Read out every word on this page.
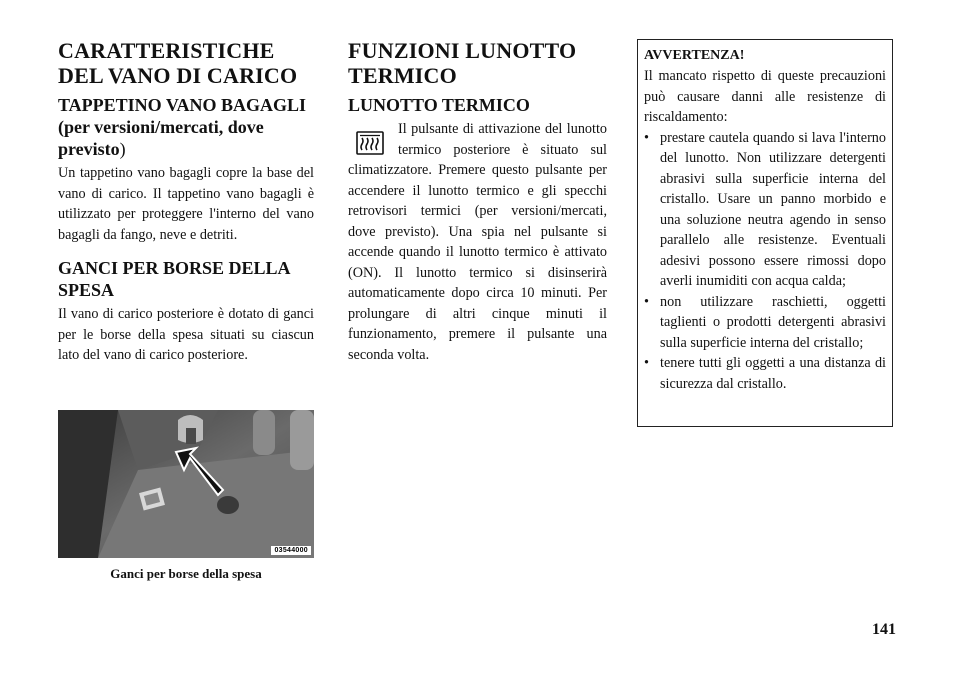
CARATTERISTICHE DEL VANO DI CARICO
TAPPETINO VANO BAGAGLI (per versioni/mercati, dove previsto)

Un tappetino vano bagagli copre la base del vano di carico. Il tappetino vano bagagli è utilizzato per proteggere l'interno del vano bagagli da fango, neve e detriti.

GANCI PER BORSE DELLA SPESA

Il vano di carico posteriore è dotato di ganci per le borse della spesa situati su ciascun lato del vano di carico posteriore.

03544000
Ganci per borse della spesa
FUNZIONI LUNOTTO TERMICO
LUNOTTO TERMICO

Il pulsante di attivazione del lunotto termico posteriore è situato sul climatizzatore. Premere questo pulsante per accendere il lunotto termico e gli specchi retrovisori termici (per versioni/mercati, dove previsto). Una spia nel pulsante si accende quando il lunotto termico è attivato (ON). Il lunotto termico si disinserirà automaticamente dopo circa 10 minuti. Per prolungare di altri cinque minuti il funzionamento, premere il pulsante una seconda volta.

AVVERTENZA!

Il mancato rispetto di queste precauzioni può causare danni alle resistenze di riscaldamento:

• prestare cautela quando si lava l'interno del lunotto. Non utilizzare detergenti abrasivi sulla superficie interna del cristallo. Usare un panno morbido e una soluzione neutra agendo in senso parallelo alle resistenze. Eventuali adesivi possono essere rimossi dopo averli inumiditi con acqua calda;
• non utilizzare raschietti, oggetti taglienti o prodotti detergenti abrasivi sulla superficie interna del cristallo;
• tenere tutti gli oggetti a una distanza di sicurezza dal cristallo.
141
